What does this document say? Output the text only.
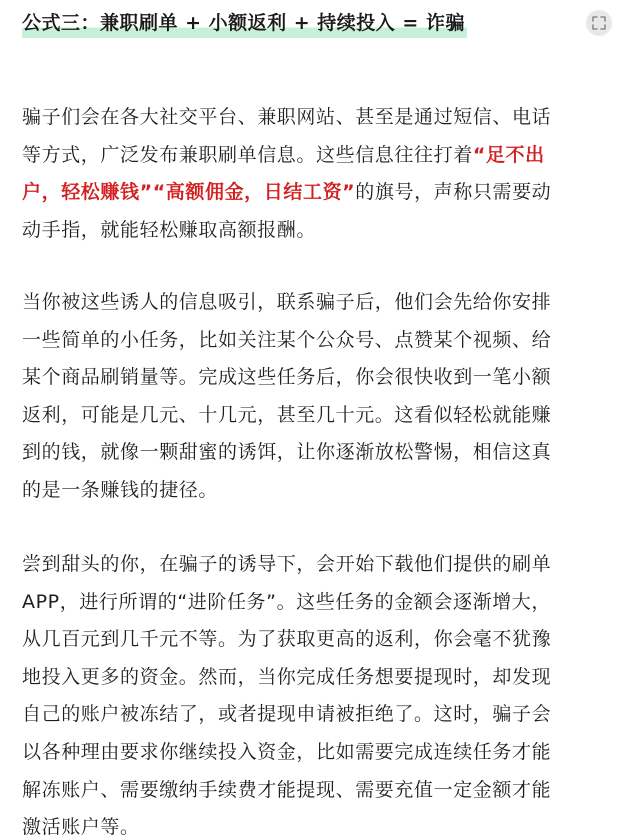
公式三：兼职刷单 + 小额返利 + 持续投入 = 诈骗
骗子们会在各大社交平台、兼职网站、甚至是通过短信、电话
等方式，广泛发布兼职刷单信息。这些信息往往打着“足不出
户，轻松赚钱”“高额佣金，日结工资”的旗号，声称只需要动
动手指，就能轻松赚取高额报酬。
当你被这些诱人的信息吸引，联系骗子后，他们会先给你安排
一些简单的小任务，比如关注某个公众号、点赞某个视频、给
某个商品刷销量等。完成这些任务后，你会很快收到一笔小额
返利，可能是几元、十几元，甚至几十元。这看似轻松就能赚
到的钱，就像一颗甜蜜的诱饵，让你逐渐放松警惕，相信这真
的是一条赚钱的捷径。
尝到甜头的你，在骗子的诱导下，会开始下载他们提供的刷单
APP，进行所谓的“进阶任务”。这些任务的金额会逐渐增大，
从几百元到几千元不等。为了获取更高的返利，你会毫不犹豫
地投入更多的资金。然而，当你完成任务想要提现时，却发现
自己的账户被冻结了，或者提现申请被拒绝了。这时，骗子会
以各种理由要求你继续投入资金，比如需要完成连续任务才能
解冻账户、需要缴纳手续费才能提现、需要充值一定金额才能
激活账户等。
